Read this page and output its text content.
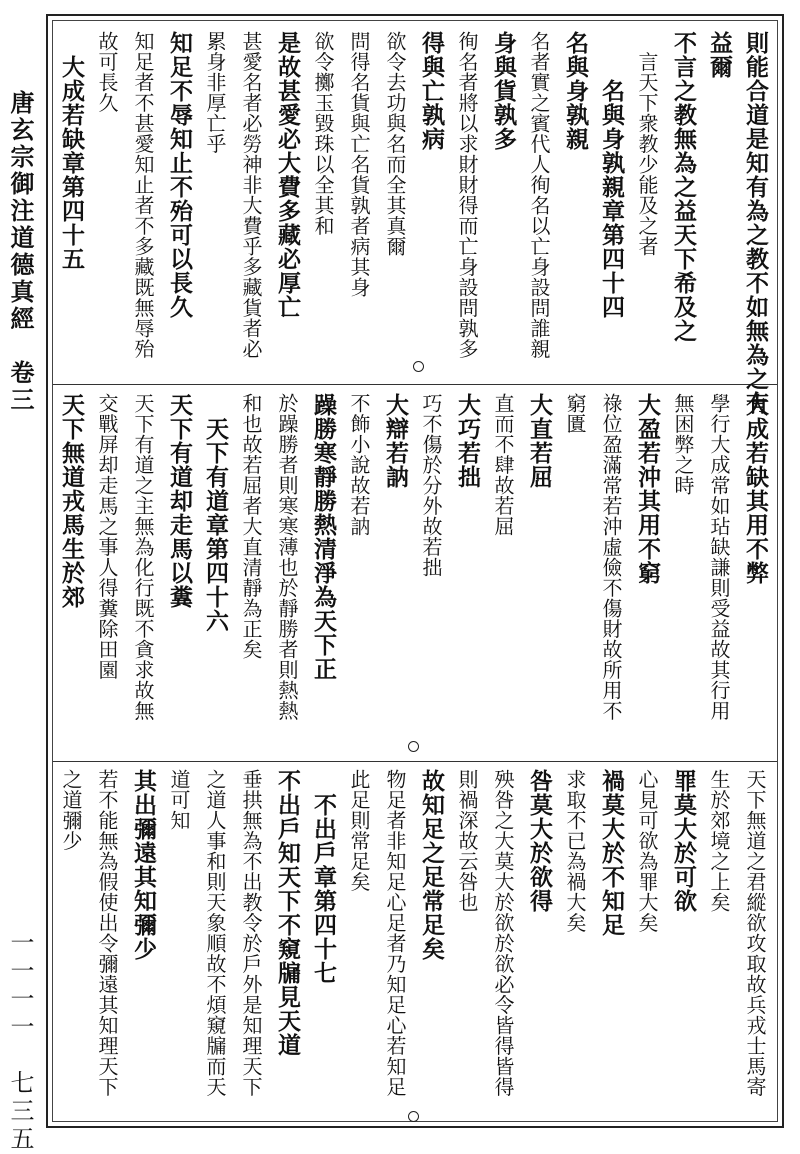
唐玄宗御注道德真經　卷三
一一一一　七三五
則能合道是知有為之教不如無為之有
益爾
不言之教無為之益天下希及之
　言天下衆教少能及之者
　　名與身孰親章第四十四
名與身孰親
名者實之賓代人徇名以亡身設問誰親
身與貨孰多
徇名者將以求財財得而亡身設問孰多
得與亡孰病
欲令去功與名而全其真爾
問得名貨與亡名貨孰者病其身
欲令擲玉毀珠以全其和
是故甚愛必大費多藏必厚亡
甚愛名者必勞神非大費乎多藏貨者必
累身非厚亡乎
知足不辱知止不殆可以長久
知足者不甚愛知止者不多藏既無辱殆
故可長久
　大成若缺章第四十五
大成若缺其用不弊
學行大成常如玷缺謙則受益故其行用
無困弊之時
大盈若沖其用不窮
祿位盈滿常若沖虛儉不傷財故所用不
窮匱
大直若屈
直而不肆故若屈
大巧若拙
巧不傷於分外故若拙
大辯若訥
不飾小說故若訥
躁勝寒靜勝熱清淨為天下正
於躁勝者則寒寒薄也於靜勝者則熱熱
和也故若屈者大直清靜為正矣
　天下有道章第四十六
天下有道却走馬以糞
天下有道之主無為化行既不貪求故無
交戰屏却走馬之事人得糞除田園
天下無道戎馬生於郊
天下無道之君縱欲攻取故兵戎士馬寄
生於郊境之上矣
罪莫大於可欲
心見可欲為罪大矣
禍莫大於不知足
求取不已為禍大矣
咎莫大於欲得
殃咎之大莫大於欲於欲必令皆得皆得
則禍深故云咎也
故知足之足常足矣
物足者非知足心足者乃知足心若知足
此足則常足矣
　不出戶章第四十七
不出戶知天下不窺牖見天道
垂拱無為不出教令於戶外是知理天下
之道人事和則天象順故不煩窺牖而天
道可知
其出彌遠其知彌少
若不能無為假使出令彌遠其知理天下
之道彌少
